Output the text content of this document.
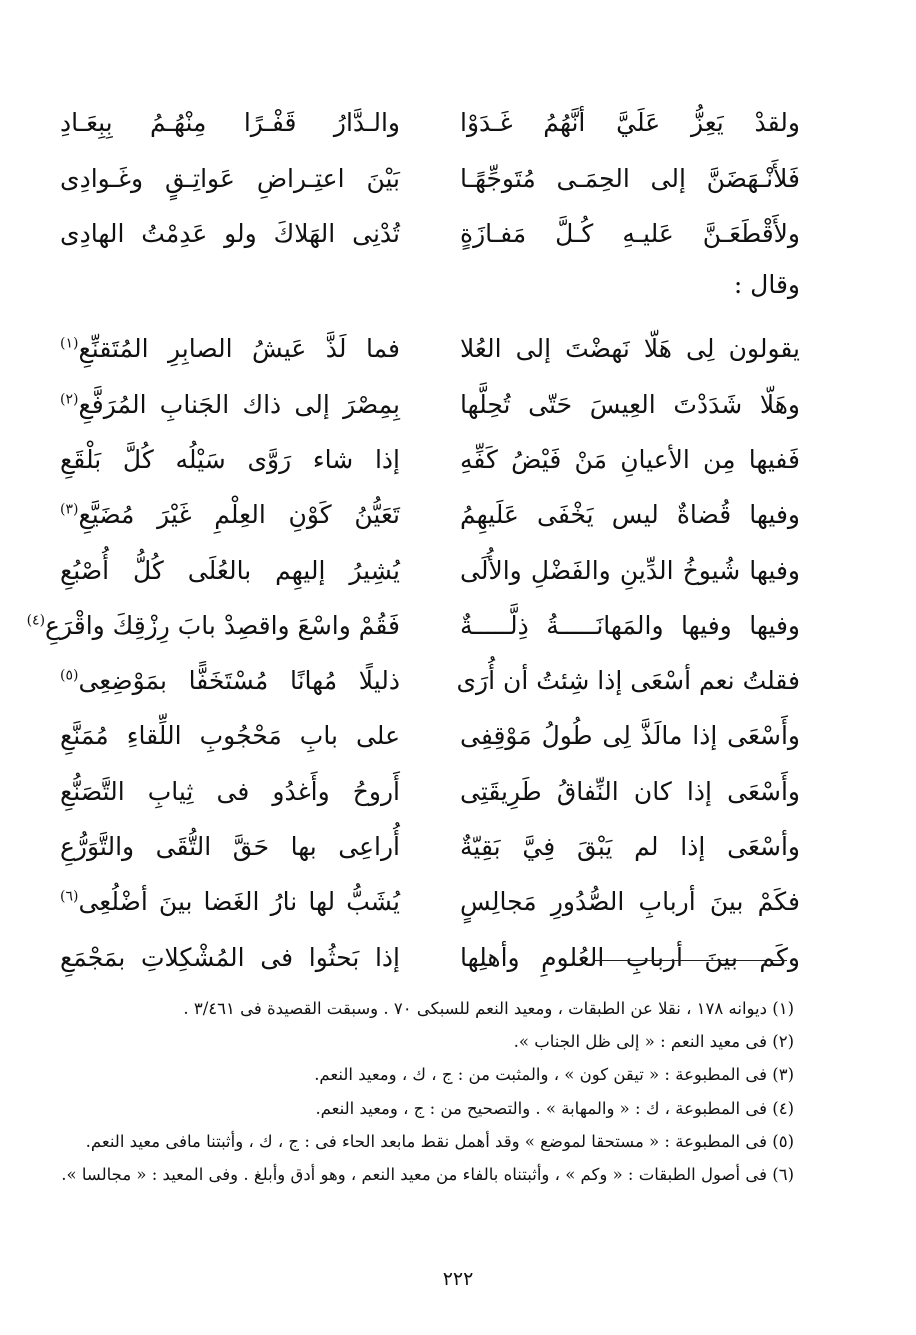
ولقدْ يَعِزُّ عَلَيَّ أنَّهُمُ غَـدَوْا
والـدَّارُ قَفْـرًا مِنْهُـمُ بِبِعَـادِ
فَلأَنْـهَضَنَّ إلى الحِمَـى مُتَوجِّهًـا
بَيْنَ اعتِـراضِ عَواتِـقٍ وغَـوادِى
ولأَقْطَعَـنَّ عَليـهِ كُـلَّ مَفـازَةٍ
تُدْنِى الهَلاكَ ولو عَدِمْتُ الهادِى
وقال :
يقولون لِى هَلّا نَهضْتَ إلى العُلا
فما لَذَّ عَيشُ الصابِرِ المُتَقنِّعِ$^{(١)}$
وهَلّا شَدَدْتَ العِيسَ حَتّى تُحِلَّها
بِمِصْرَ إلى ذاك الجَنابِ المُرَفَّعِ$^{(٢)}$
فَفيها مِن الأعيانِ مَنْ فَيْضُ كَفِّهِ
إذا شاء رَوَّى سَيْلُه كُلَّ بَلْقَعِ
وفيها قُضاةٌ ليس يَخْفَى عَلَيهِمُ
تَعَيُّنُ كَوْنِ العِلْمِ غَيْرَ مُضَيَّعِ$^{(٣)}$
وفيها شُيوخُ الدِّينِ والفَضْلِ والأُلَى
يُشِيرُ إليهِم بالعُلَى كُلُّ أُصْبُعِ
وفيها وفيها والمَهانَـــــةُ ذِلَّـــــةٌ
فَقُمْ واسْعَ واقصِدْ بابَ رِزْقِكَ واقْرَعِ$^{(٤)}$
فقلتُ نعم أسْعَى إذا شِئتُ أن أُرَى
ذليلًا مُهانًا مُسْتَخَفًّا بمَوْضِعِى$^{(٥)}$
وأَسْعَى إذا مالَذَّ لِى طُولُ مَوْقِفِى
على بابِ مَحْجُوبِ اللِّقاءِ مُمَنَّعِ
وأَسْعَى إذا كان النِّفاقُ طَرِيقَتِى
أَروحُ وأَغدُو فى ثِيابِ التَّصَنُّعِ
وأسْعَى إذا لم يَبْقَ فِيَّ بَقِيّةٌ
أُراعِى بها حَقَّ التُّقَى والتَّوَرُّعِ
فكَمْ بينَ أربابِ الصُّدُورِ مَجالِسٍ
يُشَبُّ لها نارُ الغَضا بينَ أضْلُعِى$^{(٦)}$
وكَم بينَ أربابِ العُلومِ وأهلِها
إذا بَحثُوا فى المُشْكِلاتِ بمَجْمَعِ
(١) ديوانه ١٧٨ ، نقلا عن الطبقات ، ومعيد النعم للسبكى ٧٠ . وسبقت القصيدة فى ٣/٤٦١ .
(٢) فى معيد النعم : « إلى ظل الجناب ».
(٣) فى المطبوعة : « تيقن كون » ، والمثبت من : ج ، ك ، ومعيد النعم.
(٤) فى المطبوعة ، ك : « والمهابة » . والتصحيح من : ج ، ومعيد النعم.
(٥) فى المطبوعة : « مستحقا لموضع » وقد أهمل نقط مابعد الحاء فى : ج ، ك ، وأثبتنا مافى معيد النعم.
(٦) فى أصول الطبقات : « وكم » ، وأثبتناه بالفاء من معيد النعم ، وهو أدق وأبلغ . وفى المعيد : « مجالسا ».
٢٢٢
